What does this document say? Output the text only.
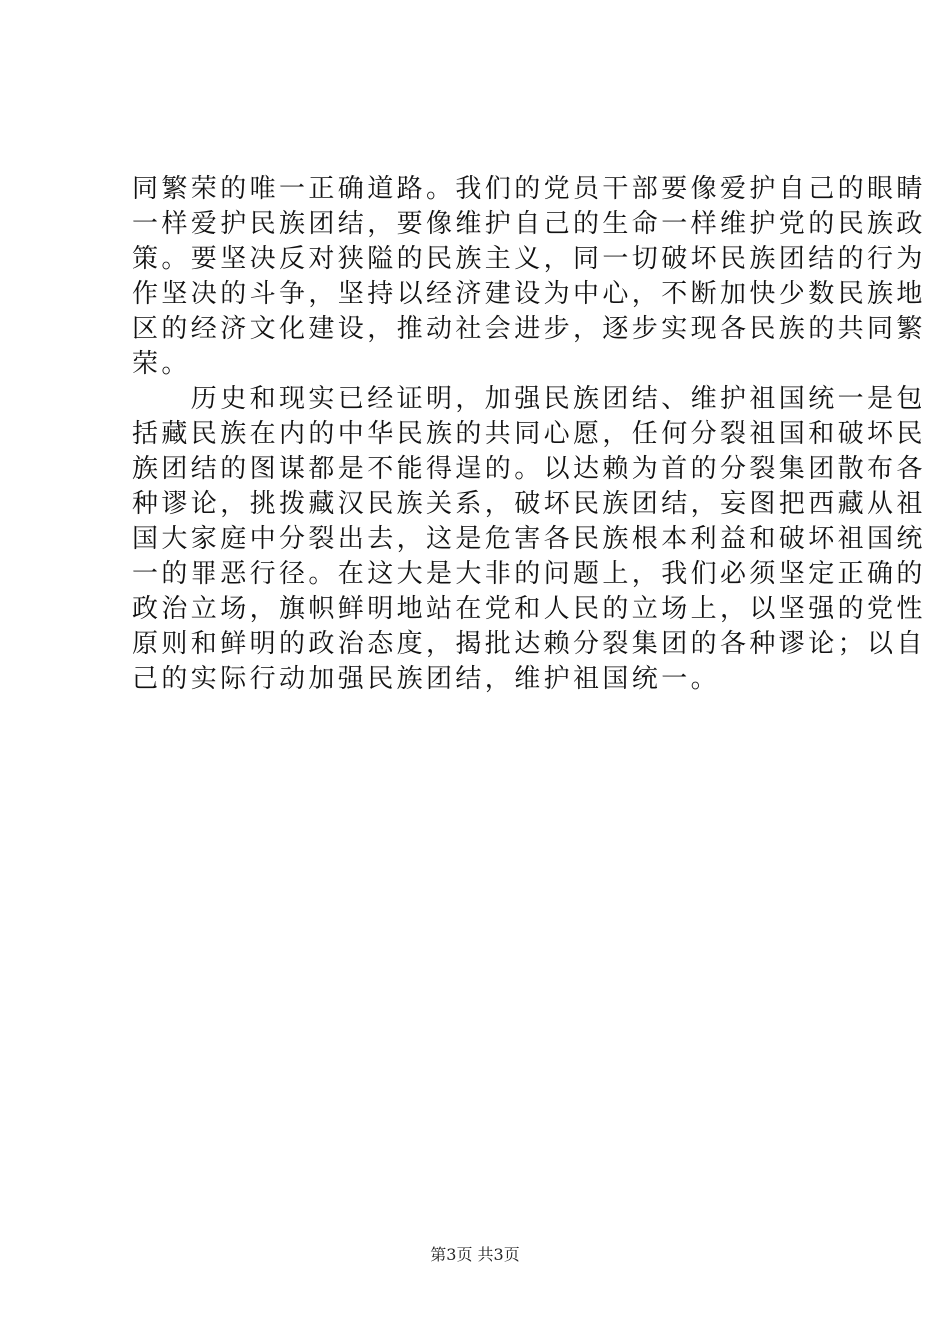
同繁荣的唯一正确道路。我们的党员干部要像爱护自己的眼睛
一样爱护民族团结，要像维护自己的生命一样维护党的民族政
策。要坚决反对狭隘的民族主义，同一切破坏民族团结的行为
作坚决的斗争，坚持以经济建设为中心，不断加快少数民族地
区的经济文化建设，推动社会进步，逐步实现各民族的共同繁
荣。
　　历史和现实已经证明，加强民族团结、维护祖国统一是包
括藏民族在内的中华民族的共同心愿，任何分裂祖国和破坏民
族团结的图谋都是不能得逞的。以达赖为首的分裂集团散布各
种谬论，挑拨藏汉民族关系，破坏民族团结，妄图把西藏从祖
国大家庭中分裂出去，这是危害各民族根本利益和破坏祖国统
一的罪恶行径。在这大是大非的问题上，我们必须坚定正确的
政治立场，旗帜鲜明地站在党和人民的立场上，以坚强的党性
原则和鲜明的政治态度，揭批达赖分裂集团的各种谬论；以自
己的实际行动加强民族团结，维护祖国统一。
第3页 共3页
